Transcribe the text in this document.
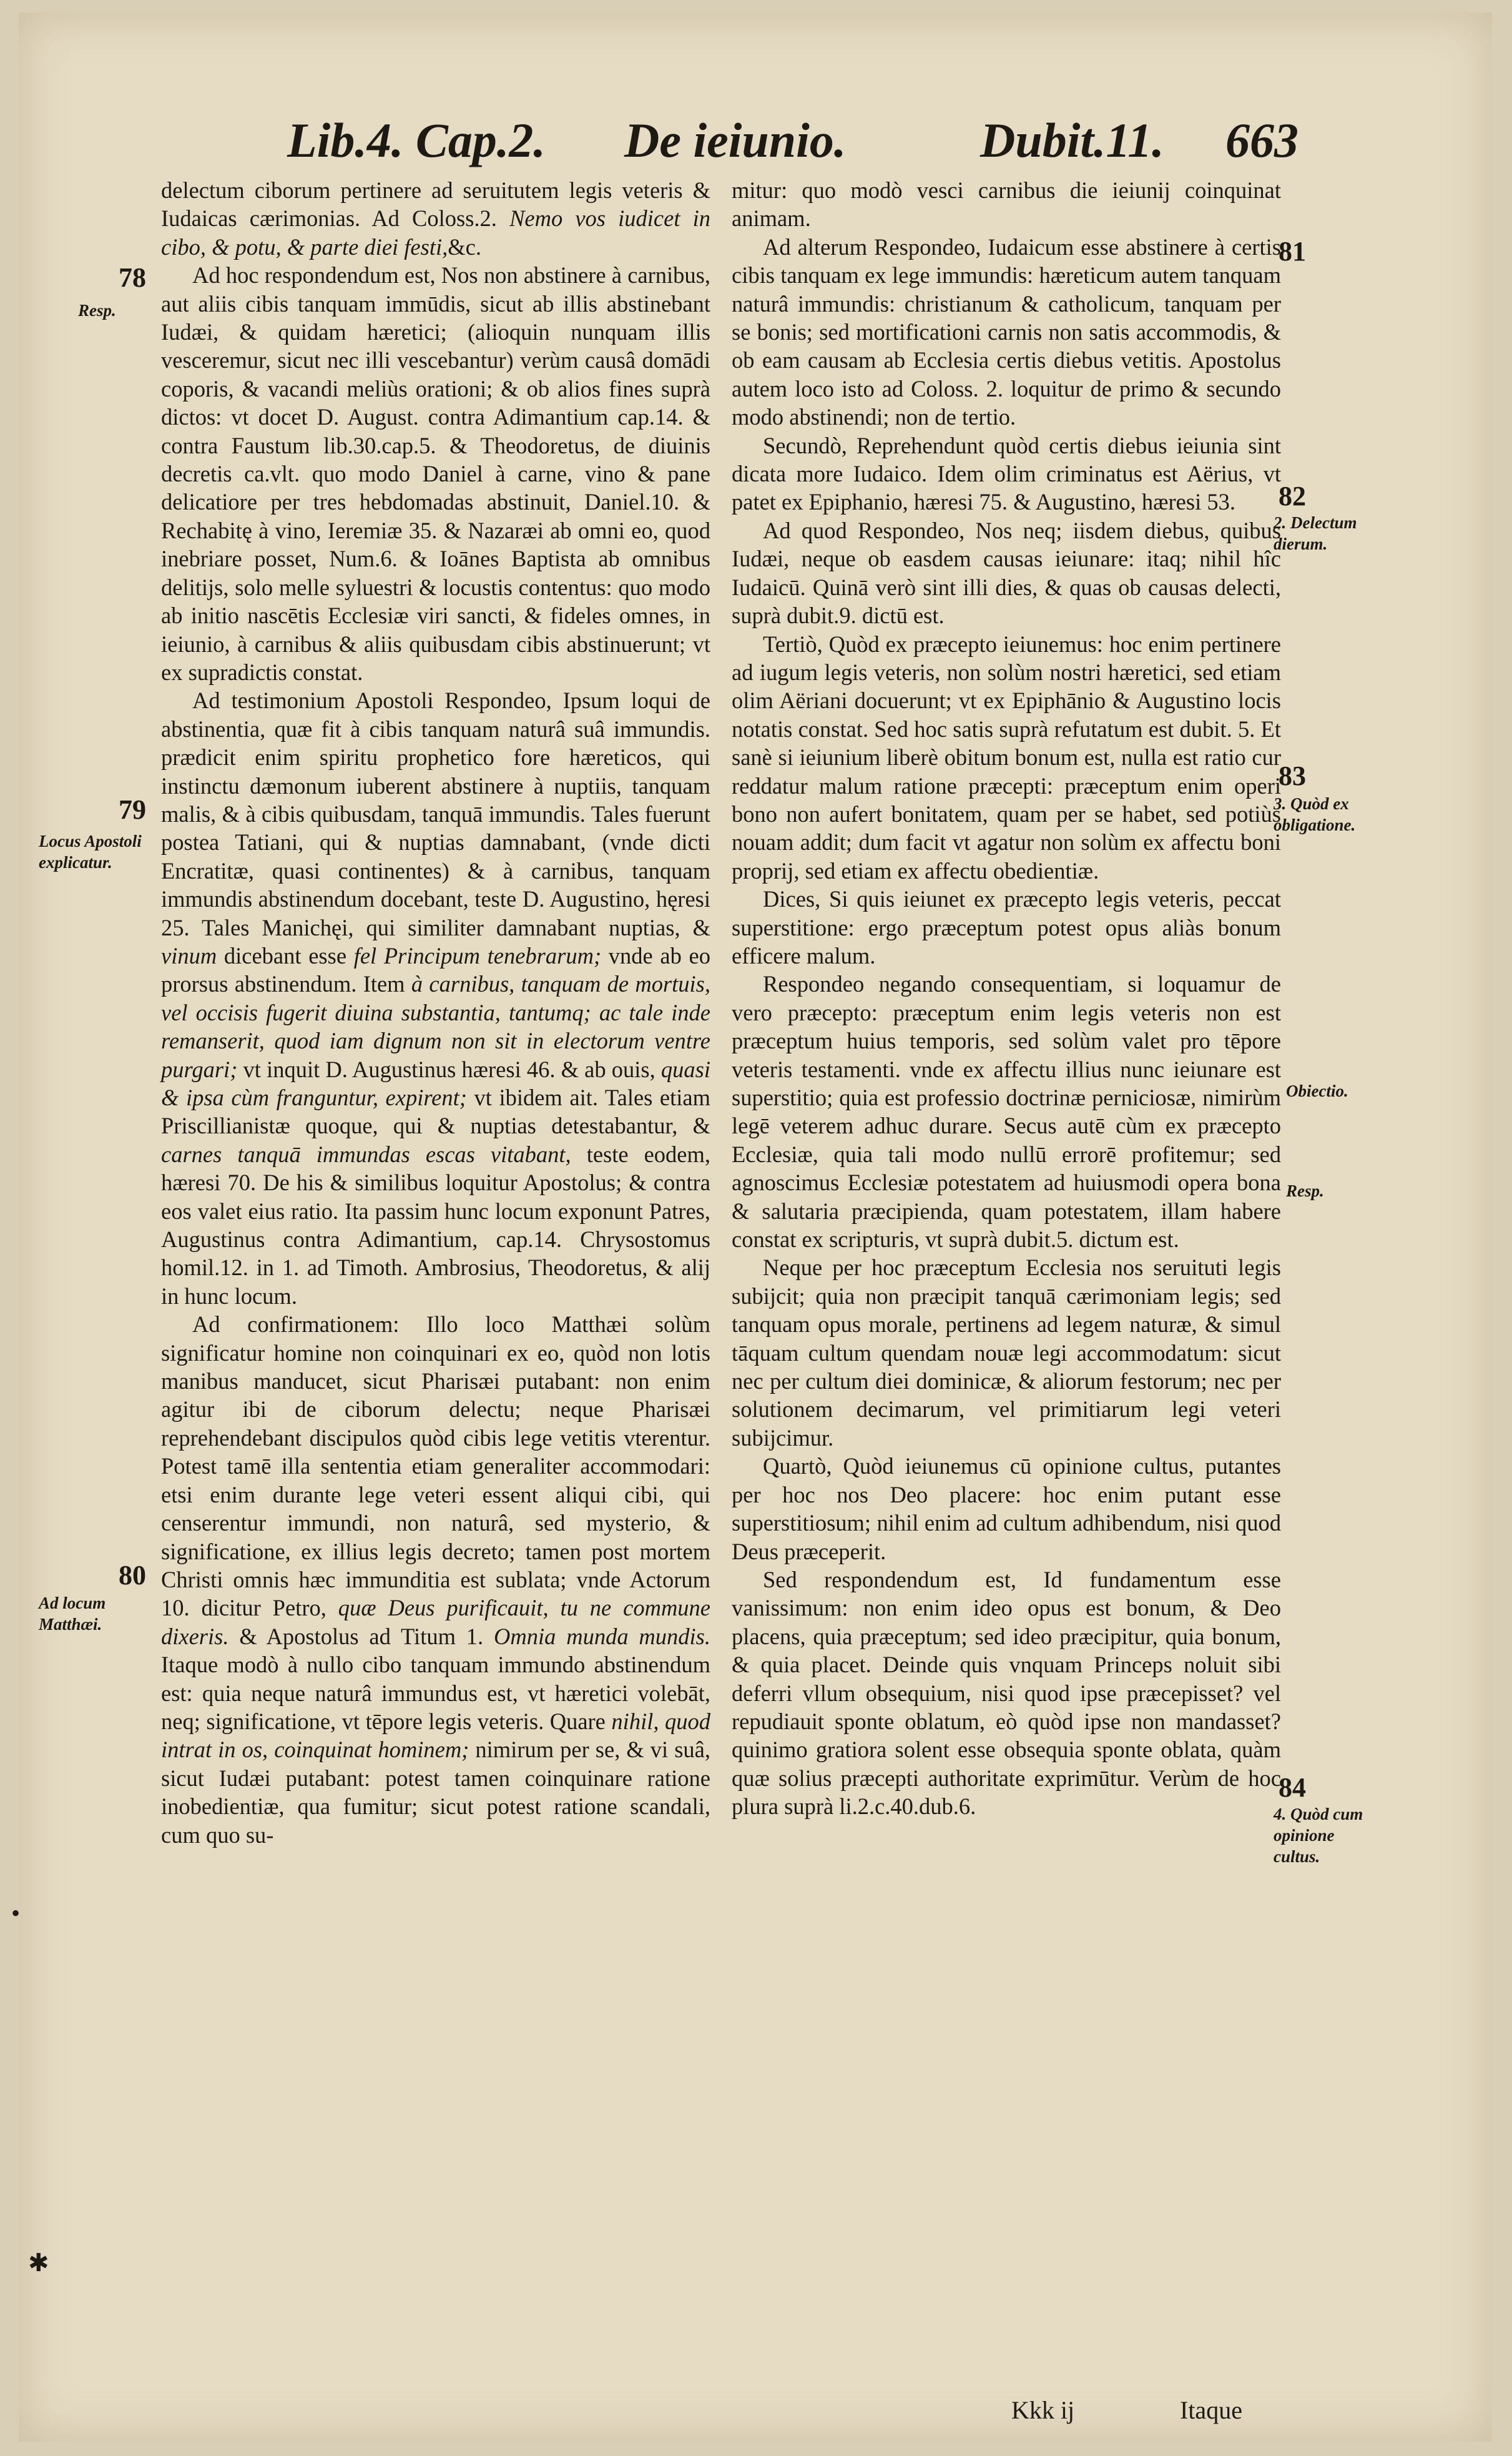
Lib.4. Cap.2. De ieiunio.	Dubit.11. 663

delectum ciborum pertinere ad seruitutem legis veteris & Iudaicas cærimonias. Ad Coloss.2. Nemo vos iudicet in cibo, & potu, & parte diei festi,&c.

Ad hoc respondendum est, Nos non abstinere à carnibus, aut aliis cibis tanquam immūdis, sicut ab illis abstinebant Iudæi, & quidam hæretici; (alioquin nunquam illis vesceremur, sicut nec illi vescebantur) verùm causâ domādi coporis, & vacandi meliùs orationi; & ob alios fines suprà dictos: vt docet D. August. contra Adimantium cap.14. & contra Faustum lib.30.cap.5. & Theodoretus, de diuinis decretis ca.vlt. quo modo Daniel à carne, vino & pane delicatiore per tres hebdomadas abstinuit, Daniel.10. & Rechabitę à vino, Ieremiæ 35. & Nazaræi ab omni eo, quod inebriare posset, Num.6. & Ioānes Baptista ab omnibus delitijs, solo melle syluestri & locustis contentus: quo modo ab initio nascētis Ecclesiæ viri sancti, & fideles omnes, in ieiunio, à carnibus & aliis quibusdam cibis abstinuerunt; vt ex supradictis constat.

Ad testimonium Apostoli Respondeo, Ipsum loqui de abstinentia, quæ fit à cibis tanquam naturâ suâ immundis. prædicit enim spiritu prophetico fore hæreticos, qui instinctu dæmonum iuberent abstinere à nuptiis, tanquam malis, & à cibis quibusdam, tanquā immundis. Tales fuerunt postea Tatiani, qui & nuptias damnabant, (vnde dicti Encratitæ, quasi continentes) & à carnibus, tanquam immundis abstinendum docebant, teste D. Augustino, hęresi 25. Tales Manichęi, qui similiter damnabant nuptias, & vinum dicebant esse fel Principum tenebrarum; vnde ab eo prorsus abstinendum. Item à carnibus, tanquam de mortuis, vel occisis fugerit diuina substantia, tantumq; ac tale inde remanserit, quod iam dignum non sit in electorum ventre purgari; vt inquit D. Augustinus hæresi 46. & ab ouis, quasi & ipsa cùm franguntur, expirent; vt ibidem ait. Tales etiam Priscillianistæ quoque, qui & nuptias detestabantur, & carnes tanquā immundas escas vitabant, teste eodem, hæresi 70. De his & similibus loquitur Apostolus; & contra eos valet eius ratio. Ita passim hunc locum exponunt Patres, Augustinus contra Adimantium, cap.14. Chrysostomus homil.12. in 1. ad Timoth. Ambrosius, Theodoretus, & alij in hunc locum.

Ad confirmationem: Illo loco Matthæi solùm significatur homine non coinquinari ex eo, quòd non lotis manibus manducet, sicut Pharisæi putabant: non enim agitur ibi de ciborum delectu; neque Pharisæi reprehendebant discipulos quòd cibis lege vetitis vterentur. Potest tamē illa sententia etiam generaliter accommodari: etsi enim durante lege veteri essent aliqui cibi, qui censerentur immundi, non naturâ, sed mysterio, & significatione, ex illius legis decreto; tamen post mortem Christi omnis hæc immunditia est sublata; vnde Actorum 10. dicitur Petro, quæ Deus purificauit, tu ne commune dixeris. & Apostolus ad Titum 1. Omnia munda mundis. Itaque modò à nullo cibo tanquam immundo abstinendum est: quia neque naturâ immundus est, vt hæretici volebāt, neq; significatione, vt tēpore legis veteris. Quare nihil, quod intrat in os, coinquinat hominem; nimirum per se, & vi suâ, sicut Iudæi putabant: potest tamen coinquinare ratione inobedientiæ, qua fumitur; sicut potest ratione scandali, cum quo su-

mitur: quo modò vesci carnibus die ieiunij coinquinat animam.

Ad alterum Respondeo, Iudaicum esse abstinere à certis cibis tanquam ex lege immundis: hæreticum autem tanquam naturâ immundis: christianum & catholicum, tanquam per se bonis; sed mortificationi carnis non satis accommodis, & ob eam causam ab Ecclesia certis diebus vetitis. Apostolus autem loco isto ad Coloss. 2. loquitur de primo & secundo modo abstinendi; non de tertio.

Secundò, Reprehendunt quòd certis diebus ieiunia sint dicata more Iudaico. Idem olim criminatus est Aërius, vt patet ex Epiphanio, hæresi 75. & Augustino, hæresi 53.

Ad quod Respondeo, Nos neq; iisdem diebus, quibus Iudæi, neque ob easdem causas ieiunare: itaq; nihil hîc Iudaicū. Quinā verò sint illi dies, & quas ob causas delecti, suprà dubit.9. dictū est.

Tertiò, Quòd ex præcepto ieiunemus: hoc enim pertinere ad iugum legis veteris, non solùm nostri hæretici, sed etiam olim Aëriani docuerunt; vt ex Epiphānio & Augustino locis notatis constat. Sed hoc satis suprà refutatum est dubit. 5. Et sanè si ieiunium liberè obitum bonum est, nulla est ratio cur reddatur malum ratione præcepti: præceptum enim operi bono non aufert bonitatem, quam per se habet, sed potiùs nouam addit; dum facit vt agatur non solùm ex affectu boni proprij, sed etiam ex affectu obedientiæ.

Dices, Si quis ieiunet ex præcepto legis veteris, peccat superstitione: ergo præceptum potest opus aliàs bonum efficere malum.

Respondeo negando consequentiam, si loquamur de vero præcepto: præceptum enim legis veteris non est præceptum huius temporis, sed solùm valet pro tēpore veteris testamenti. vnde ex affectu illius nunc ieiunare est superstitio; quia est professio doctrinæ perniciosæ, nimirùm legē veterem adhuc durare. Secus autē cùm ex præcepto Ecclesiæ, quia tali modo nullū errorē profitemur; sed agnoscimus Ecclesiæ potestatem ad huiusmodi opera bona & salutaria præcipienda, quam potestatem, illam habere constat ex scripturis, vt suprà dubit.5. dictum est.

Neque per hoc præceptum Ecclesia nos seruituti legis subijcit; quia non præcipit tanquā cærimoniam legis; sed tanquam opus morale, pertinens ad legem naturæ, & simul tāquam cultum quendam nouæ legi accommodatum: sicut nec per cultum diei dominicæ, & aliorum festorum; nec per solutionem decimarum, vel primitiarum legi veteri subijcimur.

Quartò, Quòd ieiunemus cū opinione cultus, putantes per hoc nos Deo placere: hoc enim putant esse superstitiosum; nihil enim ad cultum adhibendum, nisi quod Deus præceperit.

Sed respondendum est, Id fundamentum esse vanissimum: non enim ideo opus est bonum, & Deo placens, quia præceptum; sed ideo præcipitur, quia bonum, & quia placet. Deinde quis vnquam Princeps noluit sibi deferri vllum obsequium, nisi quod ipse præcepisset? vel repudiauit sponte oblatum, eò quòd ipse non mandasset? quinimo gratiora solent esse obsequia sponte oblata, quàm quæ solius præcepti authoritate exprimūtur. Verùm de hoc plura suprà li.2.c.40.dub.6.

78
Resp.
79
Locus Apostoli explicatur.
80
Ad locum Matthæi.
81
82
2. Delectum dierum.
83
3. Quòd ex obligatione.
Obiectio.
Resp.
84
4. Quòd cum opinione cultus.
•
✱
Kkk ij	Itaque
